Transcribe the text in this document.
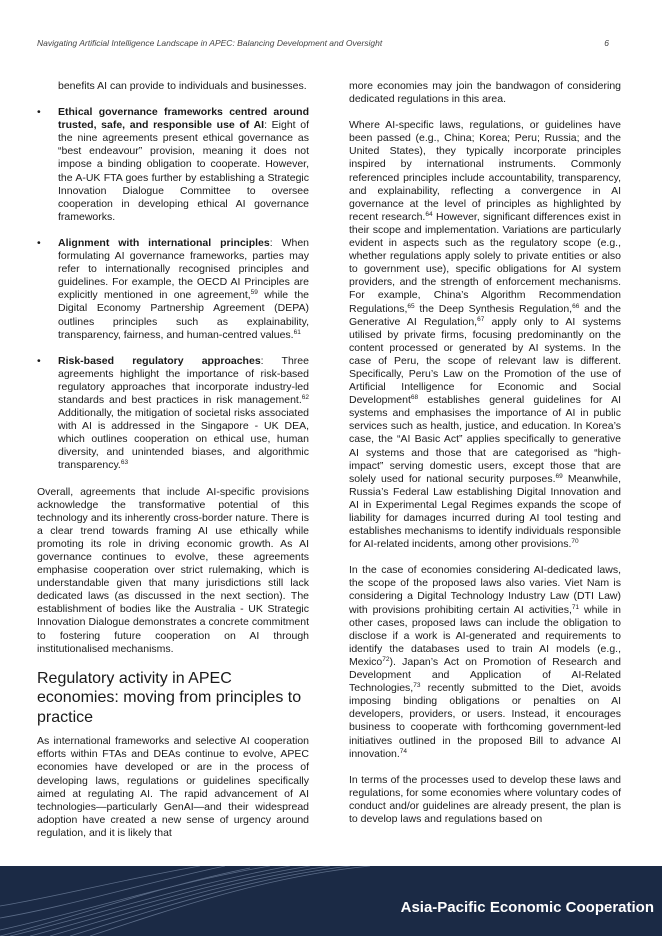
Navigating Artificial Intelligence Landscape in APEC: Balancing Development and Oversight	6
benefits AI can provide to individuals and businesses.
• Ethical governance frameworks centred around trusted, safe, and responsible use of AI: Eight of the nine agreements present ethical governance as “best endeavour” provision, meaning it does not impose a binding obligation to cooperate. However, the A-UK FTA goes further by establishing a Strategic Innovation Dialogue Committee to oversee cooperation in developing ethical AI governance frameworks.
• Alignment with international principles: When formulating AI governance frameworks, parties may refer to internationally recognised principles and guidelines. For example, the OECD AI Principles are explicitly mentioned in one agreement,$^{59}$ while the Digital Economy Partnership Agreement (DEPA) outlines principles such as explainability, transparency, fairness, and human-centred values.$^{61}$
• Risk-based regulatory approaches: Three agreements highlight the importance of risk-based regulatory approaches that incorporate industry-led standards and best practices in risk management.$^{62}$ Additionally, the mitigation of societal risks associated with AI is addressed in the Singapore - UK DEA, which outlines cooperation on ethical use, human diversity, and unintended biases, and algorithmic transparency.$^{63}$

Overall, agreements that include AI-specific provisions acknowledge the transformative potential of this technology and its inherently cross-border nature. There is a clear trend towards framing AI use ethically while promoting its role in driving economic growth. As AI governance continues to evolve, these agreements emphasise cooperation over strict rulemaking, which is understandable given that many jurisdictions still lack dedicated laws (as discussed in the next section). The establishment of bodies like the Australia - UK Strategic Innovation Dialogue demonstrates a concrete commitment to fostering future cooperation on AI through institutionalised mechanisms.

Regulatory activity in APEC economies: moving from principles to practice

As international frameworks and selective AI cooperation efforts within FTAs and DEAs continue to evolve, APEC economies have developed or are in the process of developing laws, regulations or guidelines specifically aimed at regulating AI. The rapid advancement of AI technologies—particularly GenAI—and their widespread adoption have created a new sense of urgency around regulation, and it is likely that

more economies may join the bandwagon of considering dedicated regulations in this area.

Where AI-specific laws, regulations, or guidelines have been passed (e.g., China; Korea; Peru; Russia; and the United States), they typically incorporate principles inspired by international instruments. Commonly referenced principles include accountability, transparency, and explainability, reflecting a convergence in AI governance at the level of principles as highlighted by recent research.$^{64}$ However, significant differences exist in their scope and implementation. Variations are particularly evident in aspects such as the regulatory scope (e.g., whether regulations apply solely to private entities or also to government use), specific obligations for AI system providers, and the strength of enforcement mechanisms. For example, China’s Algorithm Recommendation Regulations,$^{65}$ the Deep Synthesis Regulation,$^{66}$ and the Generative AI Regulation,$^{67}$ apply only to AI systems utilised by private firms, focusing predominantly on the content processed or generated by AI systems. In the case of Peru, the scope of relevant law is different. Specifically, Peru’s Law on the Promotion of the use of Artificial Intelligence for Economic and Social Development$^{68}$ establishes general guidelines for AI systems and emphasises the importance of AI in public services such as health, justice, and education. In Korea’s case, the “AI Basic Act” applies specifically to generative AI systems and those that are categorised as “high-impact” serving domestic users, except those that are solely used for national security purposes.$^{69}$ Meanwhile, Russia’s Federal Law establishing Digital Innovation and AI in Experimental Legal Regimes expands the scope of liability for damages incurred during AI tool testing and establishes mechanisms to identify individuals responsible for AI-related incidents, among other provisions.$^{70}$

In the case of economies considering AI-dedicated laws, the scope of the proposed laws also varies. Viet Nam is considering a Digital Technology Industry Law (DTI Law) with provisions prohibiting certain AI activities,$^{71}$ while in other cases, proposed laws can include the obligation to disclose if a work is AI-generated and requirements to identify the databases used to train AI models (e.g., Mexico$^{72}$). Japan’s Act on Promotion of Research and Development and Application of AI-Related Technologies,$^{73}$ recently submitted to the Diet, avoids imposing binding obligations or penalties on AI developers, providers, or users. Instead, it encourages business to cooperate with forthcoming government-led initiatives outlined in the proposed Bill to advance AI innovation.$^{74}$

In terms of the processes used to develop these laws and regulations, for some economies where voluntary codes of conduct and/or guidelines are already present, the plan is to develop laws and regulations based on

Asia-Pacific Economic Cooperation
